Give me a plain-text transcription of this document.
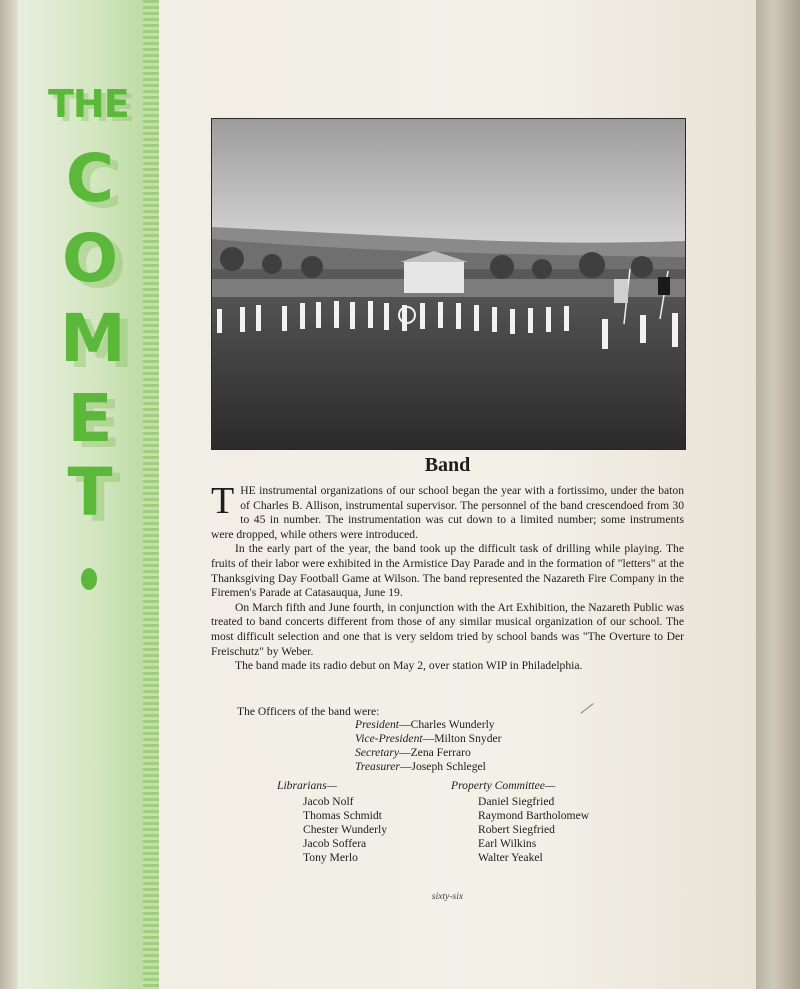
THE
C
O
M
E
T	Band

THE instrumental organizations of our school began the year with a fortissimo, under the baton of Charles B. Allison, instrumental supervisor. The personnel of the band crescendoed from 30 to 45 in number. The instrumentation was cut down to a limited number; some instruments were dropped, while others were introduced.

In the early part of the year, the band took up the difficult task of drilling while playing. The fruits of their labor were exhibited in the Armistice Day Parade and in the formation of "letters" at the Thanksgiving Day Football Game at Wilson. The band represented the Nazareth Fire Company in the Firemen's Parade at Catasauqua, June 19.

On March fifth and June fourth, in conjunction with the Art Exhibition, the Nazareth Public was treated to band concerts different from those of any similar musical organization of our school. The most difficult selection and one that is very seldom tried by school bands was "The Overture to Der Freischutz" by Weber.

The band made its radio debut on May 2, over station WIP in Philadelphia.

The Officers of the band were:
President—Charles Wunderly
Vice-President—Milton Snyder
Secretary—Zena Ferraro
Treasurer—Joseph Schlegel
Librarians—
Jacob Nolf
Thomas Schmidt
Chester Wunderly
Jacob Soffera
Tony Merlo
Property Committee—
Daniel Siegfried
Raymond Bartholomew
Robert Siegfried
Earl Wilkins
Walter Yeakel
sixty-six
